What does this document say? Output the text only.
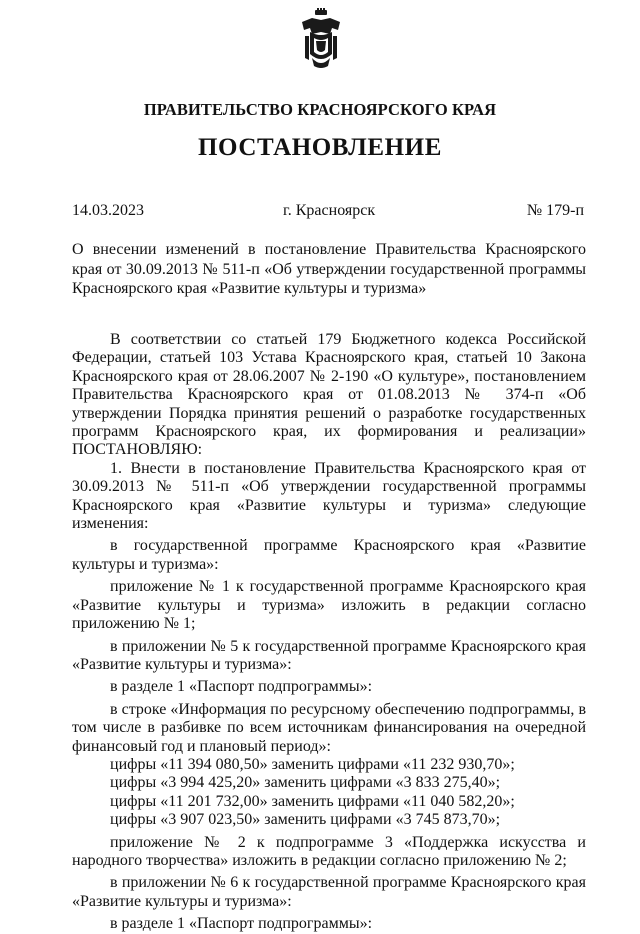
ПРАВИТЕЛЬСТВО КРАСНОЯРСКОГО КРАЯ
ПОСТАНОВЛЕНИЕ
14.03.2023	г. Красноярск	№ 179-п
О внесении изменений в постановление Правительства Красноярского края от 30.09.2013 № 511-п «Об утверждении государственной программы Красноярского края «Развитие культуры и туризма»

В соответствии со статьей 179 Бюджетного кодекса Российской Федерации, статьей 103 Устава Красноярского края, статьей 10 Закона Красноярского края от 28.06.2007 № 2-190 «О культуре», постановлением Правительства Красноярского края от 01.08.2013 № 374-п «Об утверждении Порядка принятия решений о разработке государственных программ Красноярского края, их формирования и реализации» ПОСТАНОВЛЯЮ:

1. Внести в постановление Правительства Красноярского края от 30.09.2013 № 511-п «Об утверждении государственной программы Красноярского края «Развитие культуры и туризма» следующие изменения:

в государственной программе Красноярского края «Развитие культуры и туризма»:

приложение № 1 к государственной программе Красноярского края «Развитие культуры и туризма» изложить в редакции согласно приложению № 1;

в приложении № 5 к государственной программе Красноярского края «Развитие культуры и туризма»:

в разделе 1 «Паспорт подпрограммы»:

в строке «Информация по ресурсному обеспечению подпрограммы, в том числе в разбивке по всем источникам финансирования на очередной финансовый год и плановый период»:

цифры «11 394 080,50» заменить цифрами «11 232 930,70»;

цифры «3 994 425,20» заменить цифрами «3 833 275,40»;

цифры «11 201 732,00» заменить цифрами «11 040 582,20»;

цифры «3 907 023,50» заменить цифрами «3 745 873,70»;

приложение № 2 к подпрограмме 3 «Поддержка искусства и народного творчества» изложить в редакции согласно приложению № 2;

в приложении № 6 к государственной программе Красноярского края «Развитие культуры и туризма»:

в разделе 1 «Паспорт подпрограммы»:
